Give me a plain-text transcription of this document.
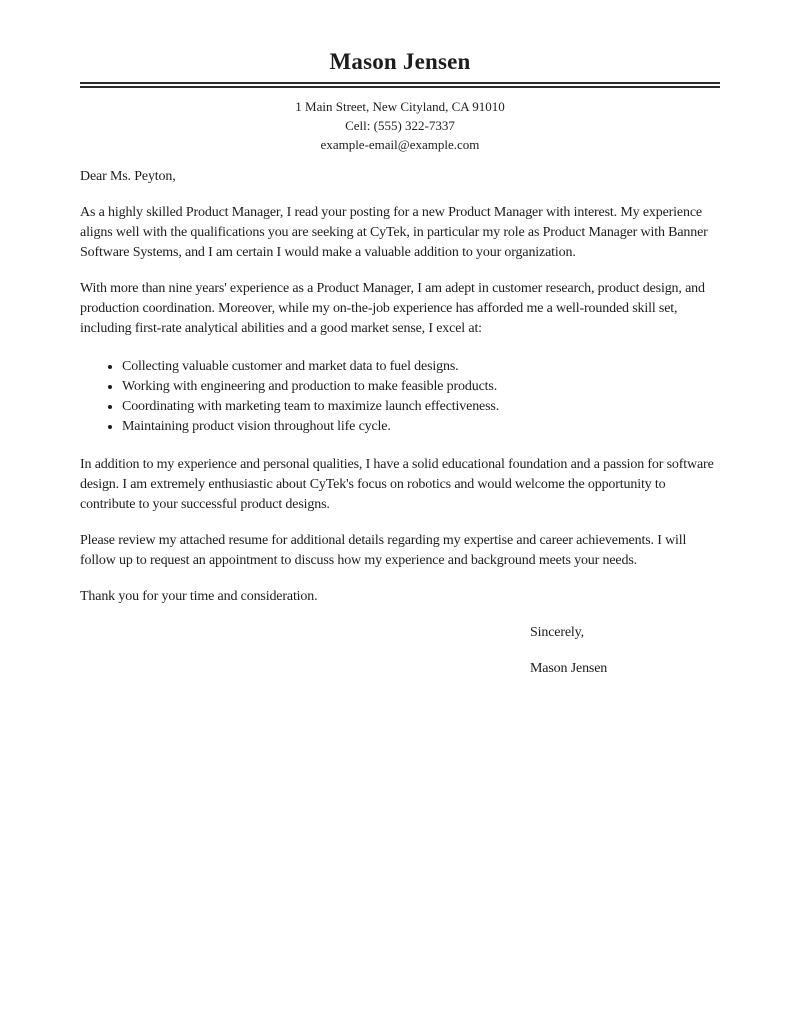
Mason Jensen
1 Main Street, New Cityland, CA 91010
Cell: (555) 322-7337
example-email@example.com

Dear Ms. Peyton,

As a highly skilled Product Manager, I read your posting for a new Product Manager with interest. My experience aligns well with the qualifications you are seeking at CyTek, in particular my role as Product Manager with Banner Software Systems, and I am certain I would make a valuable addition to your organization.

With more than nine years' experience as a Product Manager, I am adept in customer research, product design, and production coordination. Moreover, while my on-the-job experience has afforded me a well-rounded skill set, including first-rate analytical abilities and a good market sense, I excel at:

• Collecting valuable customer and market data to fuel designs.
• Working with engineering and production to make feasible products.
• Coordinating with marketing team to maximize launch effectiveness.
• Maintaining product vision throughout life cycle.

In addition to my experience and personal qualities, I have a solid educational foundation and a passion for software design. I am extremely enthusiastic about CyTek's focus on robotics and would welcome the opportunity to contribute to your successful product designs.

Please review my attached resume for additional details regarding my expertise and career achievements. I will follow up to request an appointment to discuss how my experience and background meets your needs.

Thank you for your time and consideration.

Sincerely,

Mason Jensen
